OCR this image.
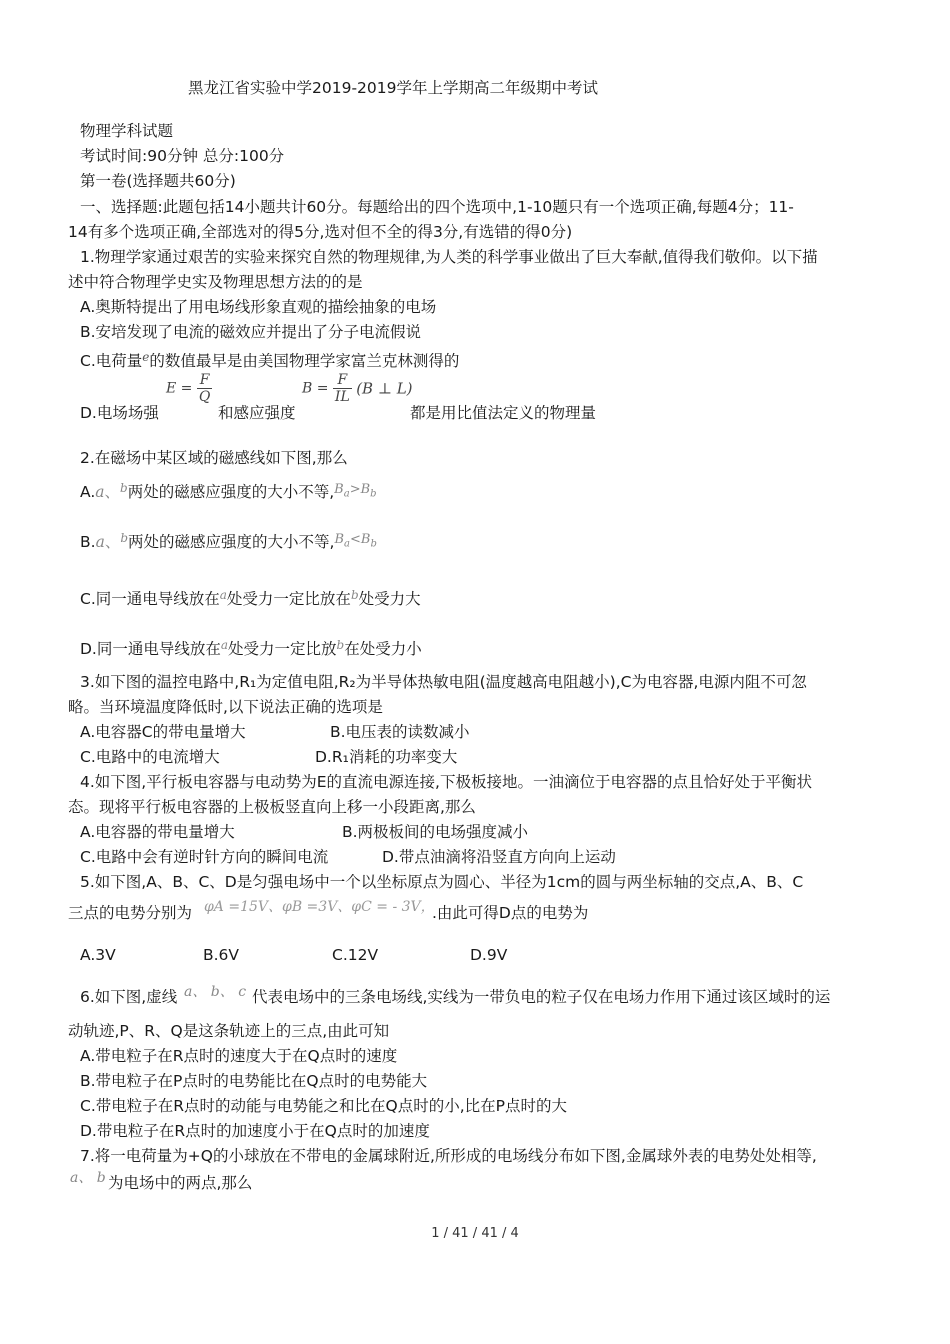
黑龙江省实验中学2019-2019学年上学期高二年级期中考试
物理学科试题
考试时间:90分钟 总分:100分
第一卷(选择题共60分)
一、选择题:此题包括14小题共计60分。每题给出的四个选项中,1-10题只有一个选项正确,每题4分；11-
14有多个选项正确,全部选对的得5分,选对但不全的得3分,有选错的得0分)
1.物理学家通过艰苦的实验来探究自然的物理规律,为人类的科学事业做出了巨大奉献,值得我们敬仰。以下描
述中符合物理学史实及物理思想方法的的是
A.奥斯特提出了用电场线形象直观的描绘抽象的电场
B.安培发现了电流的磁效应并提出了分子电流假说
C.电荷量$^e$的数值最早是由美国物理学家富兰克林测得的
$E = \frac{F}{Q}$	$B = \frac{F}{IL} (B$ ⊥ L)
D.电场场强	和感应强度	都是用比值法定义的物理量
2.在磁场中某区域的磁感线如下图,那么
A.a、$^b$两处的磁感应强度的大小不等,$^{B_a>B_b}$
B.a、$^b$两处的磁感应强度的大小不等,$^{B_a<B_b}$
C.同一通电导线放在$^a$处受力一定比放在$^b$处受力大
D.同一通电导线放在$^a$处受力一定比放$^b$在处受力小
3.如下图的温控电路中,R₁为定值电阻,R₂为半导体热敏电阻(温度越高电阻越小),C为电容器,电源内阻不可忽
略。当环境温度降低时,以下说法正确的选项是
A.电容器C的带电量增大	B.电压表的读数减小
C.电路中的电流增大	D.R₁消耗的功率变大
4.如下图,平行板电容器与电动势为E的直流电源连接,下极板接地。一油滴位于电容器的点且恰好处于平衡状
态。现将平行板电容器的上极板竖直向上移一小段距离,那么
A.电容器的带电量增大	B.两极板间的电场强度减小
C.电路中会有逆时针方向的瞬间电流	D.带点油滴将沿竖直方向向上运动
5.如下图,A、B、C、D是匀强电场中一个以坐标原点为圆心、半径为1cm的圆与两坐标轴的交点,A、B、C
三点的电势分别为 φA =15V、φB =3V、φC = - 3V，
.由此可得D点的电势为
A.3V	B.6V	C.12V	D.9V
6.如下图,虚线 a、 b、 c 代表电场中的三条电场线,实线为一带负电的粒子仅在电场力作用下通过该区域时的运
动轨迹,P、R、Q是这条轨迹上的三点,由此可知
A.带电粒子在R点时的速度大于在Q点时的速度
B.带电粒子在P点时的电势能比在Q点时的电势能大
C.带电粒子在R点时的动能与电势能之和比在Q点时的小,比在P点时的大
D.带电粒子在R点时的加速度小于在Q点时的加速度
7.将一电荷量为+Q的小球放在不带电的金属球附近,所形成的电场线分布如下图,金属球外表的电势处处相等,
a、 b 为电场中的两点,那么
1 / 41 / 41 / 4
